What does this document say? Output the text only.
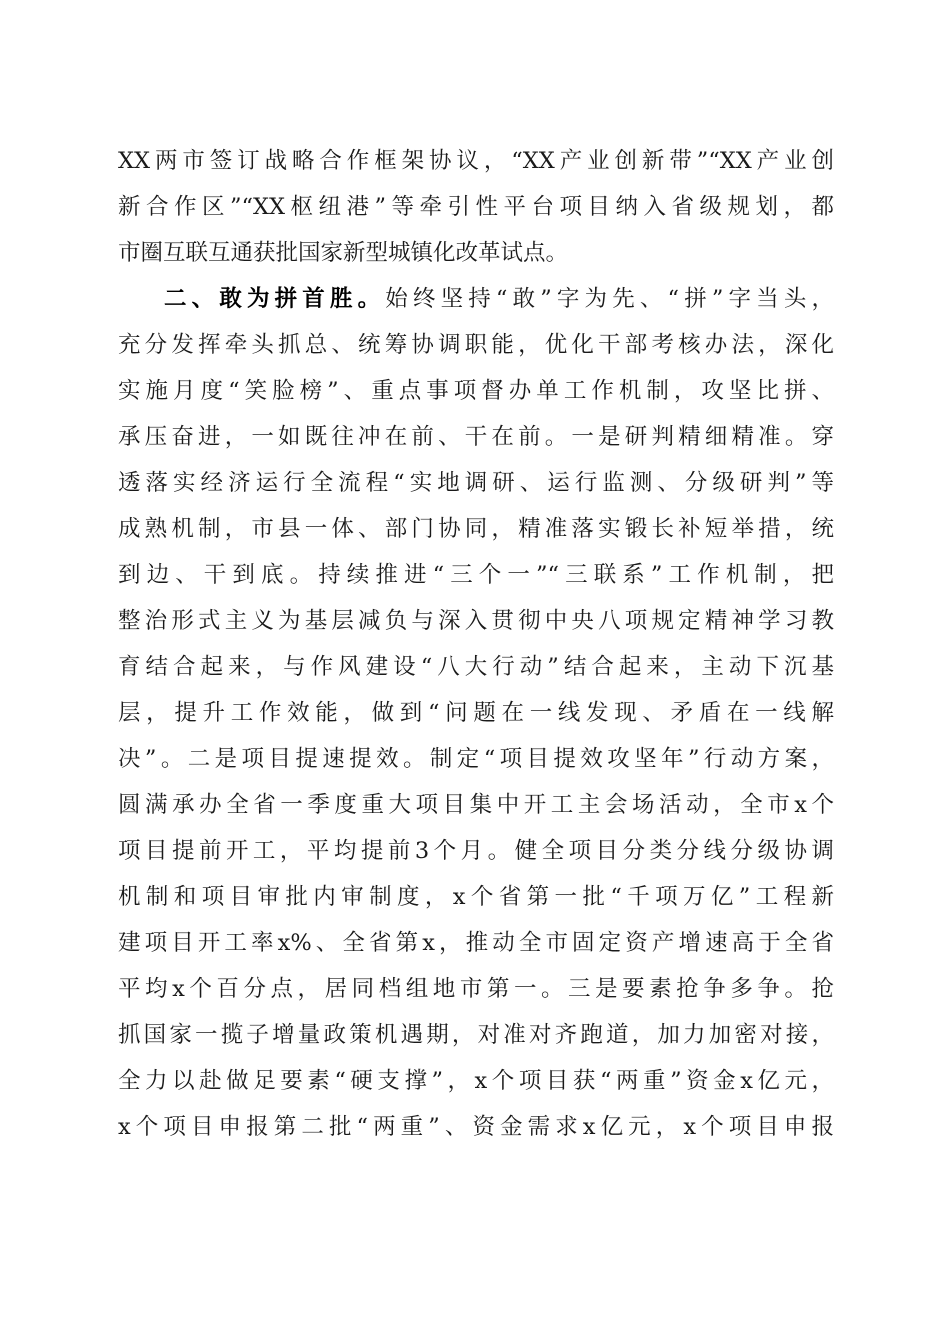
XX两市签订战略合作框架协议，“XX产业创新带”“XX产业创
新合作区”“XX枢纽港”等牵引性平台项目纳入省级规划，都
市圈互联互通获批国家新型城镇化改革试点。
二、敢为拼首胜。始终坚持“敢”字为先、“拼”字当头，
充分发挥牵头抓总、统筹协调职能，优化干部考核办法，深化
实施月度“笑脸榜”、重点事项督办单工作机制，攻坚比拼、
承压奋进，一如既往冲在前、干在前。一是研判精细精准。穿
透落实经济运行全流程“实地调研、运行监测、分级研判”等
成熟机制，市县一体、部门协同，精准落实锻长补短举措，统
到边、干到底。持续推进“三个一”“三联系”工作机制，把
整治形式主义为基层减负与深入贯彻中央八项规定精神学习教
育结合起来，与作风建设“八大行动”结合起来，主动下沉基
层，提升工作效能，做到“问题在一线发现、矛盾在一线解
决”。二是项目提速提效。制定“项目提效攻坚年”行动方案，
圆满承办全省一季度重大项目集中开工主会场活动，全市x个
项目提前开工，平均提前3个月。健全项目分类分线分级协调
机制和项目审批内审制度，x个省第一批“千项万亿”工程新
建项目开工率x%、全省第x，推动全市固定资产增速高于全省
平均x个百分点，居同档组地市第一。三是要素抢争多争。抢
抓国家一揽子增量政策机遇期，对准对齐跑道，加力加密对接，
全力以赴做足要素“硬支撑”，x个项目获“两重”资金x亿元，
x个项目申报第二批“两重”、资金需求x亿元，x个项目申报
